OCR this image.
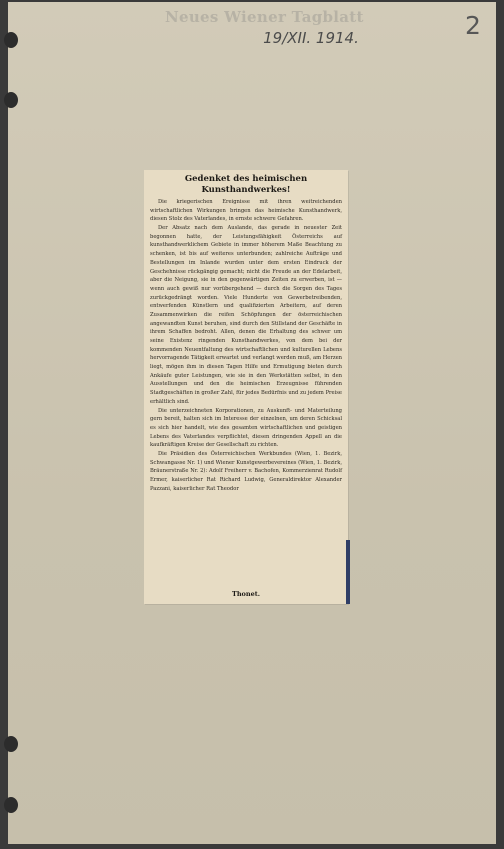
Neues Wiener Tagblatt
19/XII. 1914.	2
Gedenket des heimischen Kunsthandwerkes!

Die kriegerischen Ereignisse mit ihren weitreichenden wirtschaftlichen Wirkungen bringen das heimische Kunsthandwerk, diesen Stolz des Vaterlandes, in ernste schwere Gefahren.

Der Absatz nach dem Auslande, das gerade in neuester Zeit begonnen hatte, der Leistungsfähigkeit Österreichs auf kunsthandwerklichem Gebiete in immer höherem Maße Beachtung zu schenken, ist bis auf weiteres unterbunden; zahlreiche Aufträge und Bestellungen im Inlande wurden unter dem ersten Eindruck der Geschehnisse rückgängig gemacht; nicht die Freude an der Edelarbeit, aber die Neigung, sie in den gegenwärtigen Zeiten zu erwerben, ist — wenn auch gewiß nur vorübergehend — durch die Sorgen des Tages zurückgedrängt worden. Viele Hunderte von Gewerbetreibenden, entwerfenden Künstlern und qualifizierten Arbeitern, auf deren Zusammenwirken die reifen Schöpfungen der österreichischen angewandten Kunst beruhen, sind durch den Stillstand der Geschäfte in ihrem Schaffen bedroht. Allen, denen die Erhaltung des schwer um seine Existenz ringenden Kunsthandwerkes, von dem bei der kommenden Neuentfaltung des wirtschaftlichen und kulturellen Lebens hervorragende Tätigkeit erwartet und verlangt werden muß, am Herzen liegt, mögen ihm in diesen Tagen Hilfe und Ermutigung bieten durch Ankäufe guter Leistungen, wie sie in den Werkstätten selbst, in den Ausstellungen und den die heimischen Erzeugnisse führenden Stadtgeschäften in großer Zahl, für jedes Bedürfnis und zu jedem Preise erhältlich sind.

Die unterzeichneten Korporationen, zu Auskunft- und Materteilung gern bereit, halten sich im Interesse der einzelnen, um deren Schicksal es sich hier handelt, wie des gesamten wirtschaftlichen und geistigen Lebens des Vaterlandes verpflichtet, diesen dringenden Appell an die kaufkräftigen Kreise der Gesellschaft zu richten.

Die Präsidien des Österreichischen Werkbundes (Wien, 1. Bezirk, Schwangasse Nr. 1) und Wiener Kunstgewerbevereines (Wien, 1. Bezirk, Bräunerstraße Nr. 2): Adolf Freiherr v. Bachofen, Kommerzienrat Rudolf Ermer, kaiserlicher Rat Richard Ludwig, Generaldirektor Alexander Pazzani, kaiserlicher Rat Theodor

Thonet.
